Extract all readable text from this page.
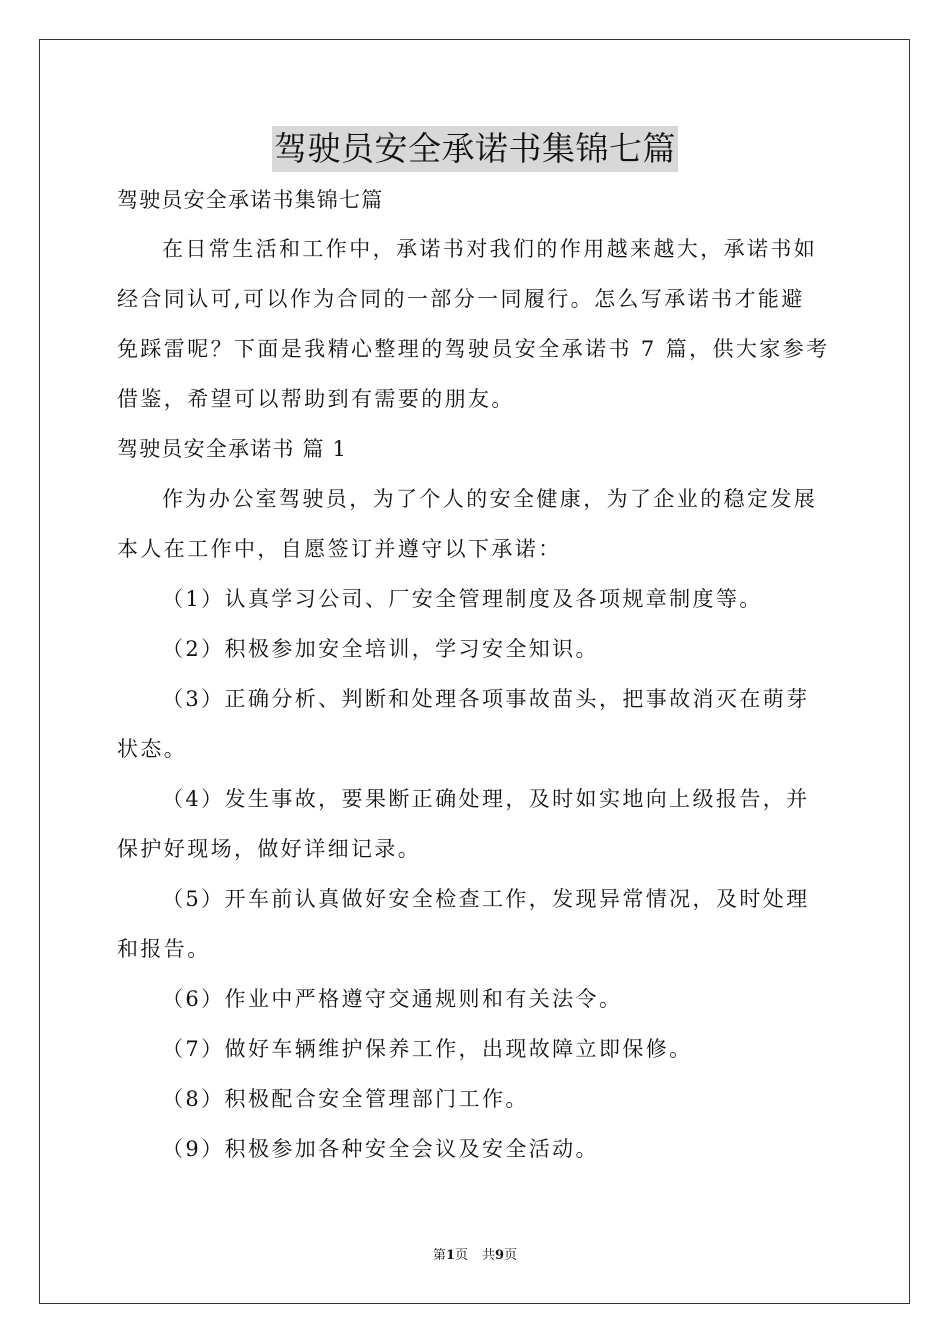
驾驶员安全承诺书集锦七篇
驾驶员安全承诺书集锦七篇
在日常生活和工作中，承诺书对我们的作用越来越大，承诺书如
经合同认可,可以作为合同的一部分一同履行。怎么写承诺书才能避
免踩雷呢？下面是我精心整理的驾驶员安全承诺书 7 篇，供大家参考
借鉴，希望可以帮助到有需要的朋友。
驾驶员安全承诺书 篇 1
作为办公室驾驶员，为了个人的安全健康，为了企业的稳定发展
本人在工作中，自愿签订并遵守以下承诺：
（1）认真学习公司、厂安全管理制度及各项规章制度等。
（2）积极参加安全培训，学习安全知识。
（3）正确分析、判断和处理各项事故苗头，把事故消灭在萌芽
状态。
（4）发生事故，要果断正确处理，及时如实地向上级报告，并
保护好现场，做好详细记录。
（5）开车前认真做好安全检查工作，发现异常情况，及时处理
和报告。
（6）作业中严格遵守交通规则和有关法令。
（7）做好车辆维护保养工作，出现故障立即保修。
（8）积极配合安全管理部门工作。
（9）积极参加各种安全会议及安全活动。
第1页 共9页
